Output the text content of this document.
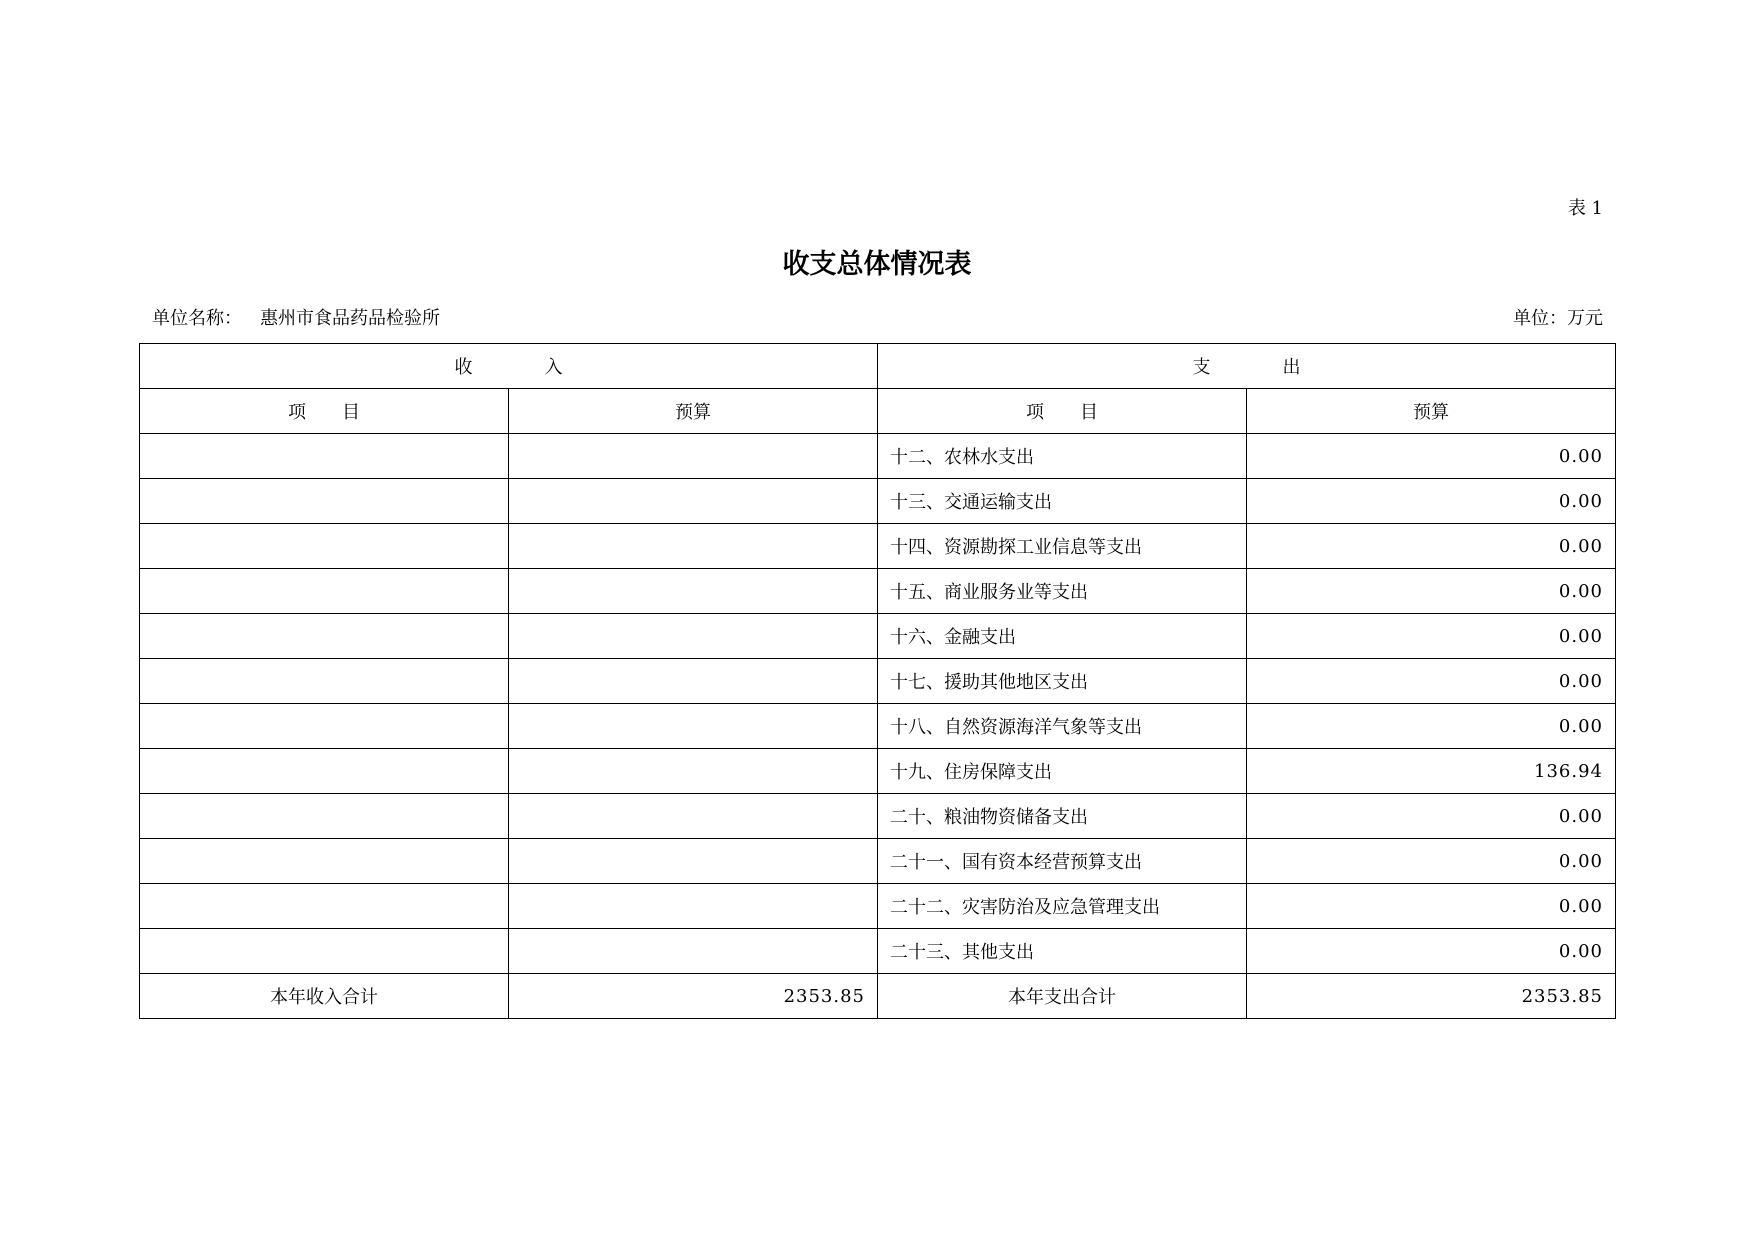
表 1
收支总体情况表
单位名称： 惠州市食品药品检验所	单位：万元
收　　　　入		支　　　　出	
项　　目	预算	项　　目	预算
		十二、农林水支出	0.00
		十三、交通运输支出	0.00
		十四、资源勘探工业信息等支出	0.00
		十五、商业服务业等支出	0.00
		十六、金融支出	0.00
		十七、援助其他地区支出	0.00
		十八、自然资源海洋气象等支出	0.00
		十九、住房保障支出	136.94
		二十、粮油物资储备支出	0.00
		二十一、国有资本经营预算支出	0.00
		二十二、灾害防治及应急管理支出	0.00
		二十三、其他支出	0.00
本年收入合计	2353.85	本年支出合计	2353.85
